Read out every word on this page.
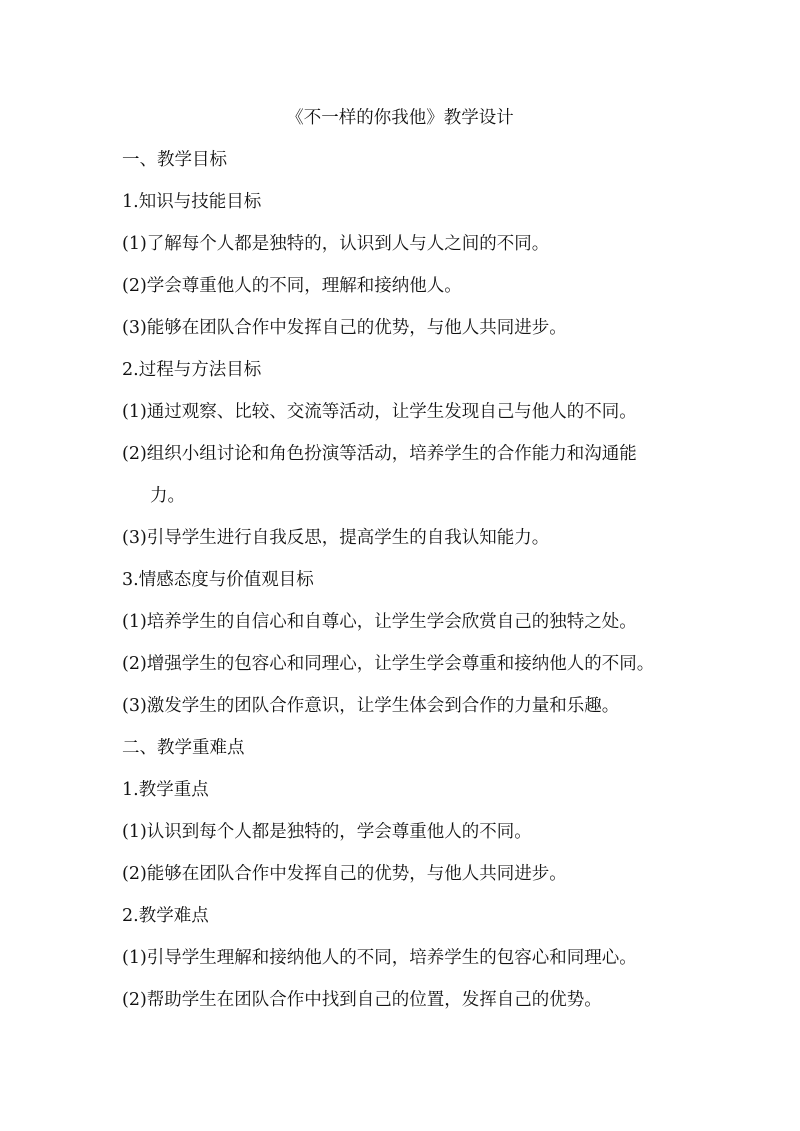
《不一样的你我他》教学设计
一、教学目标
1.知识与技能目标
(1)了解每个人都是独特的，认识到人与人之间的不同。
(2)学会尊重他人的不同，理解和接纳他人。
(3)能够在团队合作中发挥自己的优势，与他人共同进步。
2.过程与方法目标
(1)通过观察、比较、交流等活动，让学生发现自己与他人的不同。
(2)组织小组讨论和角色扮演等活动，培养学生的合作能力和沟通能
力。
(3)引导学生进行自我反思，提高学生的自我认知能力。
3.情感态度与价值观目标
(1)培养学生的自信心和自尊心，让学生学会欣赏自己的独特之处。
(2)增强学生的包容心和同理心，让学生学会尊重和接纳他人的不同。
(3)激发学生的团队合作意识，让学生体会到合作的力量和乐趣。
二、教学重难点
1.教学重点
(1)认识到每个人都是独特的，学会尊重他人的不同。
(2)能够在团队合作中发挥自己的优势，与他人共同进步。
2.教学难点
(1)引导学生理解和接纳他人的不同，培养学生的包容心和同理心。
(2)帮助学生在团队合作中找到自己的位置，发挥自己的优势。
